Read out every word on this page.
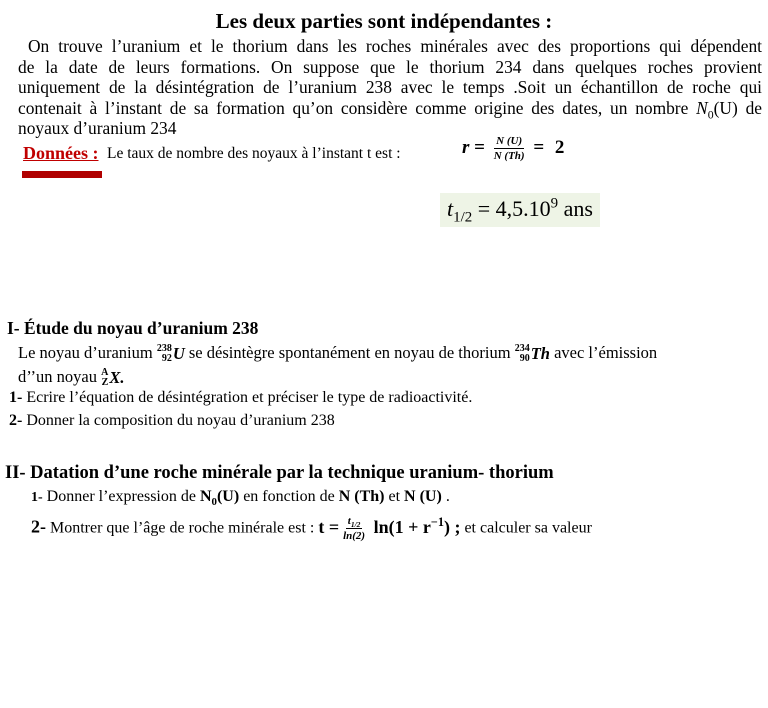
Les deux parties sont indépendantes :
On trouve l’uranium et le thorium dans les roches minérales avec des proportions qui dépendent
de la date de leurs formations. On suppose que le thorium 234 dans quelques roches provient
uniquement de la désintégration de l’uranium 238 avec le temps .Soit un échantillon de roche qui
contenait à l’instant de sa formation qu’on considère comme origine des dates, un nombre $N_0(U)$ de
noyaux d’uranium 234
Données : Le taux de nombre des noyaux à l’instant t est :	$r = \frac{N (U)}{N (Th)} = 2$
$t_{1/2} = 4,5.10^9$ ans
I- Étude du noyau d’uranium 238
Le noyau d’uranium 238
92 U se désintègre spontanément en noyau de thorium 234
90 Th avec l’émission
d’’un noyau A
Z X.
1- Ecrire l’équation de désintégration et préciser le type de radioactivité.
2- Donner la composition du noyau d’uranium 238
II- Datation d’une roche minérale par la technique uranium- thorium
1- Donner l’expression de $N_0(U)$ en fonction de N (Th) et N (U) .
2- Montrer que l’âge de roche minérale est : $t = \frac{t_{1/2}}{\ln(2)} \ln(1 + r^{-1})$ ; et calculer sa valeur
